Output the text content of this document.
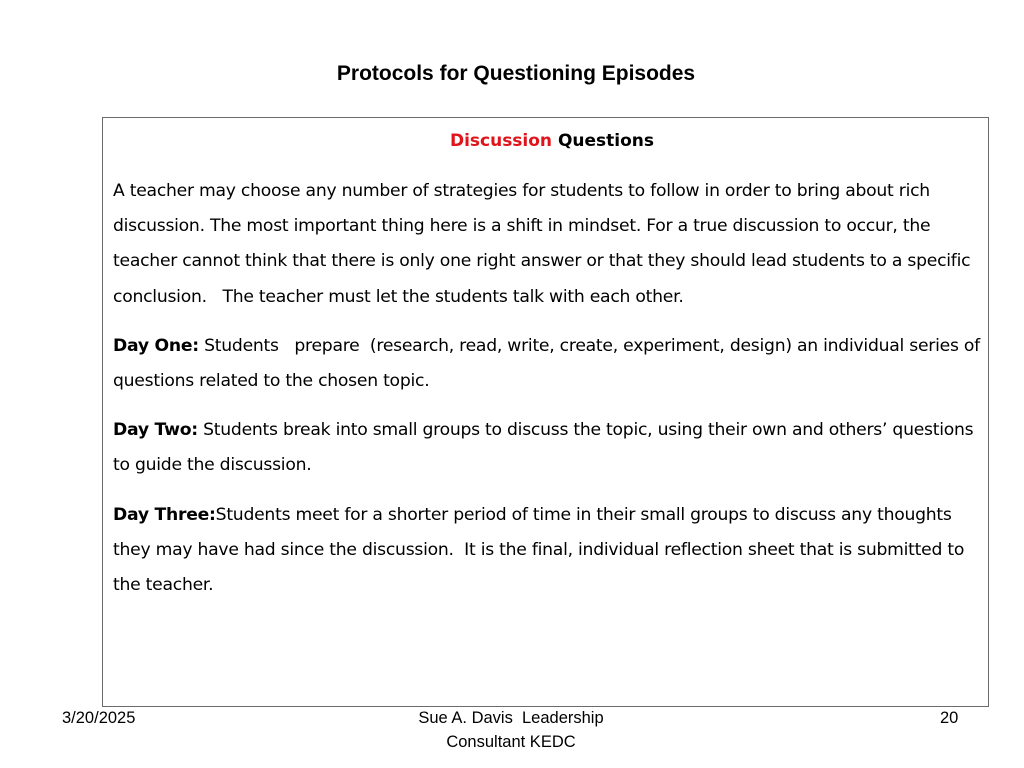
Protocols for Questioning Episodes
Discussion Questions

A teacher may choose any number of strategies for students to follow in order to bring about rich discussion. The most important thing here is a shift in mindset. For a true discussion to occur, the teacher cannot think that there is only one right answer or that they should lead students to a specific conclusion.   The teacher must let the students talk with each other.

Day One: Students   prepare  (research, read, write, create, experiment, design) an individual series of questions related to the chosen topic.

Day Two: Students break into small groups to discuss the topic, using their own and others’ questions to guide the discussion.

Day Three:Students meet for a shorter period of time in their small groups to discuss any thoughts they may have had since the discussion.  It is the final, individual reflection sheet that is submitted to the teacher.

3/20/2025	Sue A. Davis  Leadership
Consultant KEDC
20
